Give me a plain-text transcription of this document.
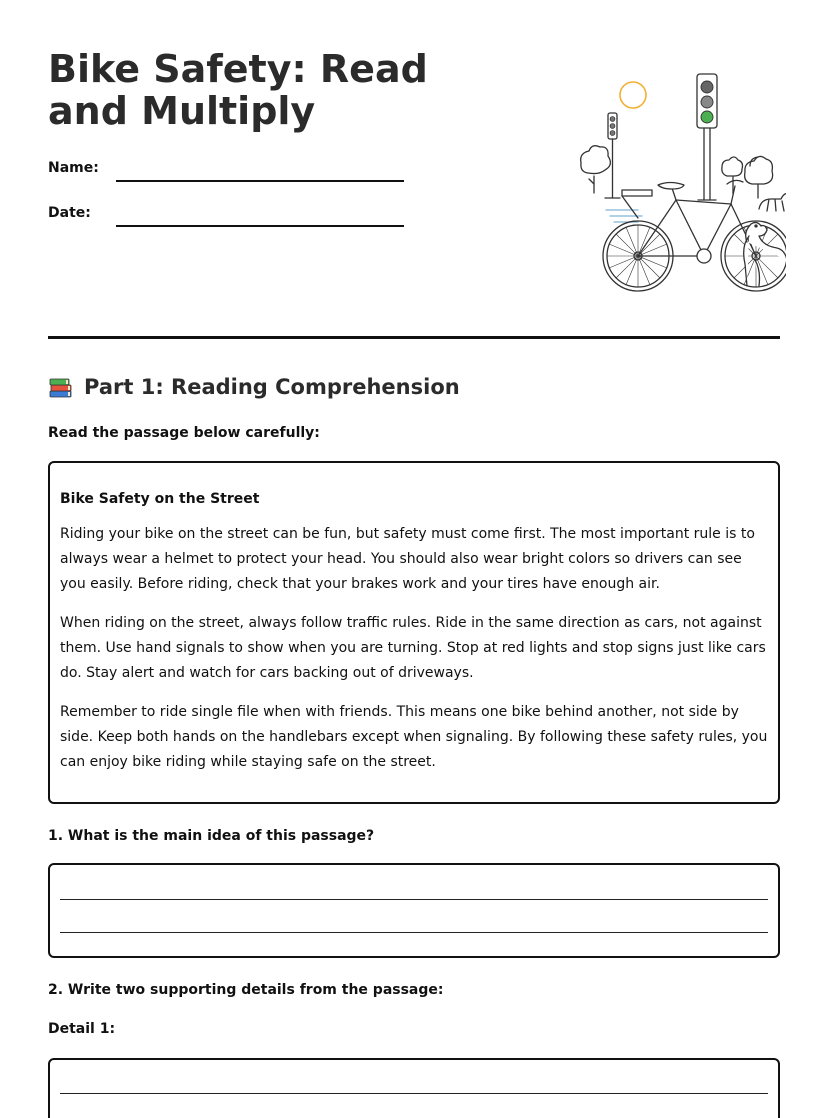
Bike Safety: Read and Multiply
Name:
Date:
Part 1: Reading Comprehension
Read the passage below carefully:
Bike Safety on the Street

Riding your bike on the street can be fun, but safety must come first. The most important rule is to always wear a helmet to protect your head. You should also wear bright colors so drivers can see you easily. Before riding, check that your brakes work and your tires have enough air.

When riding on the street, always follow traffic rules. Ride in the same direction as cars, not against them. Use hand signals to show when you are turning. Stop at red lights and stop signs just like cars do. Stay alert and watch for cars backing out of driveways.

Remember to ride single file when with friends. This means one bike behind another, not side by side. Keep both hands on the handlebars except when signaling. By following these safety rules, you can enjoy bike riding while staying safe on the street.

1. What is the main idea of this passage?
2. Write two supporting details from the passage:
Detail 1:
